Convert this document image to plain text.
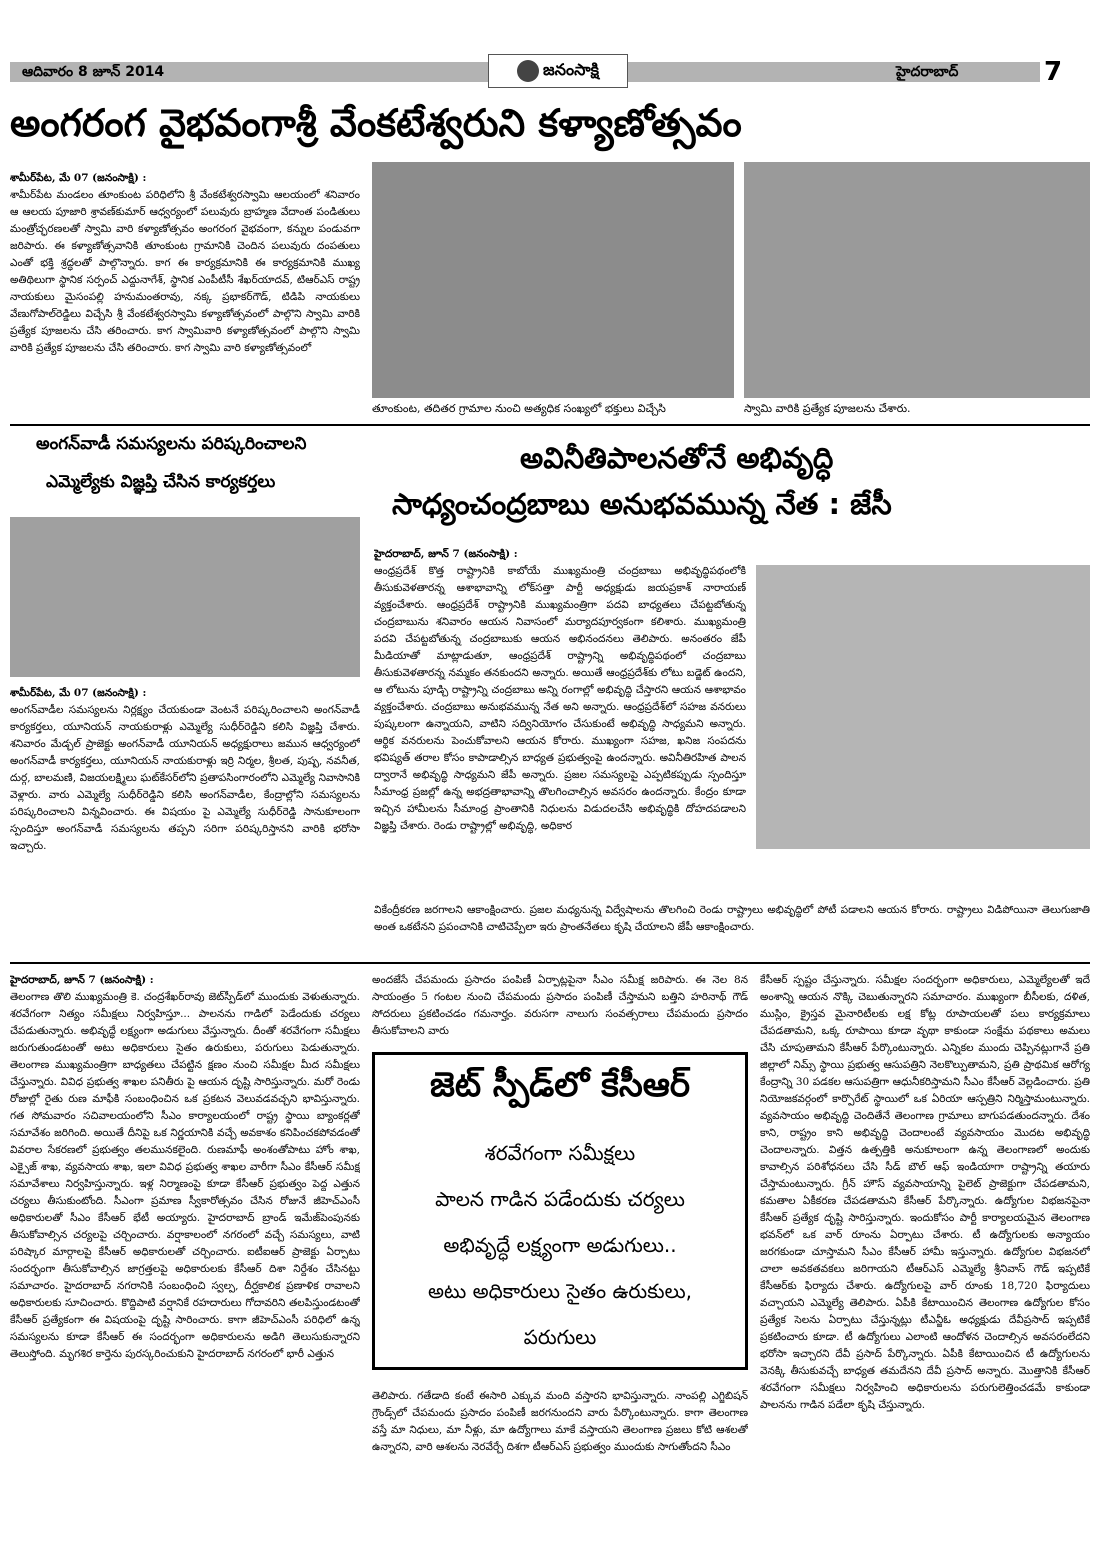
ఆదివారం 8 జూన్ 2014	జనంసాక్షి	హైదరాబాద్	7
అంగరంగ వైభవంగాశ్రీ వేంకటేశ్వరుని కళ్యాణోత్సవం

శామీర్‌పేట, మే 07 (జనంసాక్షి) :

శామీర్‌పేట మండలం తూంకుంట పరిధిలోని శ్రీ వేంకటేశ్వరస్వామి ఆలయంలో శనివారం ఆ ఆలయ పూజారి శ్రావణ్‌కుమార్ ఆధ్వర్యంలో పలువురు బ్రాహ్మణ వేదాంత పండితులు మంత్రోచ్ఛరణలతో స్వామి వారి కళ్యాణోత్సవం అంగరంగ వైభవంగా, కన్నుల పండువగా జరిపారు. ఈ కళ్యాణోత్సవానికి తూంకుంట గ్రామానికి చెందిన పలువురు దంపతులు ఎంతో భక్తి శ్రద్ధలతో పాల్గొన్నారు. కాగ ఈ కార్యక్రమానికి ఈ కార్యక్రమానికి ముఖ్య అతిథిలుగా స్థానిక సర్పంచ్ ఎద్దునాగేశ్, స్థానిక ఎంపీటీసీ శేఖర్‌యాదవ్, టిఆర్ఎస్ రాష్ట్ర నాయకులు మైసంపల్లి హనుమంతరావు, నక్క ప్రభాకర్‌గౌడ్, టిడిపి నాయకులు వేణుగోపాల్‌రెడ్డిలు విచ్చేసి శ్రీ వేంకటేశ్వరస్వామి కళ్యాణోత్సవంలో పాల్గొని స్వామి వారికి ప్రత్యేక పూజలను చేసి తరించారు. కాగ స్వామివారి కళ్యాణోత్సవంలో పాల్గొని స్వామి వారికి ప్రత్యేక పూజలను చేసి తరించారు. కాగ స్వామి వారి కళ్యాణోత్సవంలో

తూంకుంట, తదితర గ్రామాల నుంచి అత్యధిక సంఖ్యలో భక్తులు విచ్చేసి	స్వామి వారికి ప్రత్యేక పూజలను చేశారు.
అంగన్‌వాడీ సమస్యలను పరిష్కరించాలని
ఎమ్మెల్యేకు విజ్ఞప్తి చేసిన కార్యకర్తలు

శామీర్‌పేట, మే 07 (జనంసాక్షి) :

అంగన్‌వాడీల సమస్యలను నిర్లక్ష్యం చేయకుండా వెంటనే పరిష్కరించాలని అంగన్‌వాడీ కార్యకర్తలు, యూనియన్ నాయకురాళ్లు ఎమ్మెల్యే సుధీర్‌రెడ్డిని కలిసి విజ్ఞప్తి చేశారు. శనివారం మేడ్చల్ ప్రాజెక్టు అంగన్‌వాడీ యూనియన్ అధ్యక్షురాలు జమున ఆధ్వర్యంలో అంగన్‌వాడీ కార్యకర్తలు, యూనియన్ నాయకురాళ్లు ఇర్రి నిర్మల, శ్రీలత, పుష్ప, నవనీత, దుర్గ, బాలమణి, విజయలక్ష్మిలు ఘట్‌కేసర్‌లోని ప్రతాపసింగారంలోని ఎమ్మెల్యే నివాసానికి వెళ్లారు. వారు ఎమ్మెల్యే సుధీర్‌రెడ్డిని కలిసి అంగన్‌వాడీల, కేంద్రాల్లోని సమస్యలను పరిష్కరించాలని విన్నవించారు. ఈ విషయం పై ఎమ్మెల్యే సుధీర్‌రెడ్డి సానుకూలంగా స్పందిస్తూ అంగన్‌వాడీ సమస్యలను తప్పని సరిగా పరిష్కరిస్తానని వారికి భరోసా ఇచ్చారు.

అవినీతిపాలనతోనే అభివృద్ధి
సాధ్యంచంద్రబాబు అనుభవమున్న నేత : జేసీ

హైదరాబాద్, జూన్ 7 (జనంసాక్షి) :

ఆంధ్రప్రదేశ్ కొత్త రాష్ట్రానికి కాబోయే ముఖ్యమంత్రి చంద్రబాబు అభివృద్ధిపథంలోకి తీసుకువెళతారన్న ఆశాభావాన్ని లోక్‌సత్తా పార్టీ అధ్యక్షుడు జయప్రకాశ్ నారాయణ్ వ్యక్తంచేశారు. ఆంధ్రప్రదేశ్ రాష్ట్రానికి ముఖ్యమంత్రిగా పదవి బాధ్యతలు చేపట్టబోతున్న చంద్రబాబును శనివారం ఆయన నివాసంలో మర్యాదపూర్వకంగా కలిశారు. ముఖ్యమంత్రి పదవి చేపట్టబోతున్న చంద్రబాబుకు ఆయన అభినందనలు తెలిపారు. అనంతరం జేపీ మీడియాతో మాట్లాడుతూ, ఆంధ్రప్రదేశ్ రాష్ట్రాన్ని అభివృద్ధిపథంలో చంద్రబాబు తీసుకువెళతారన్న నమ్మకం తనకుందని అన్నారు. అయితే ఆంధ్రప్రదేశ్‌కు లోటు బడ్జెట్ ఉందని, ఆ లోటును పూడ్చి రాష్ట్రాన్ని చంద్రబాబు అన్ని రంగాల్లో అభివృద్ధి చేస్తారని ఆయన ఆశాభావం వ్యక్తంచేశారు. చంద్రబాబు అనుభవమున్న నేత అని అన్నారు. ఆంధ్రప్రదేశ్‌లో సహజ వనరులు పుష్కలంగా ఉన్నాయని, వాటిని సద్వినియోగం చేసుకుంటే అభివృద్ధి సాధ్యమని అన్నారు. ఆర్థిక వనరులను పెంచుకోవాలని ఆయన కోరారు. ముఖ్యంగా సహజ, ఖనిజ సంపదను భవిష్యత్ తరాల కోసం కాపాడాల్సిన బాధ్యత ప్రభుత్వంపై ఉందన్నారు. అవినీతిరహిత పాలన ద్వారానే అభివృద్ధి సాధ్యమని జేపీ అన్నారు. ప్రజల సమస్యలపై ఎప్పటికప్పుడు స్పందిస్తూ సీమాంధ్ర ప్రజల్లో ఉన్న అభద్రతాభావాన్ని తొలగించాల్సిన అవసరం ఉందన్నారు. కేంద్రం కూడా ఇచ్చిన హామీలను సీమాంధ్ర ప్రాంతానికి నిధులను విడుదలచేసి అభివృద్ధికి దోహదపడాలని విజ్ఞప్తి చేశారు. రెండు రాష్ట్రాల్లో అభివృద్ధి, అధికార

వికేంద్రీకరణ జరగాలని ఆకాంక్షించారు. ప్రజల మధ్యనున్న విద్వేషాలను తొలగించి రెండు రాష్ట్రాలు అభివృద్ధిలో పోటీ పడాలని ఆయన కోరారు. రాష్ట్రాలు విడిపోయినా తెలుగుజాతి అంత ఒకటేనని ప్రపంచానికి చాటిచెప్పేలా ఇరు ప్రాంతనేతలు కృషి చేయాలని జేపీ ఆకాంక్షించారు.

హైదరాబాద్, జూన్ 7 (జనంసాక్షి) :

తెలంగాణ తొలి ముఖ్యమంత్రి కె. చంద్రశేఖర్‌రావు జెట్‌స్పీడ్‌లో ముందుకు వెళుతున్నారు. శరవేగంగా నిత్యం సమీక్షలు నిర్వహిస్తూ... పాలనను గాడిలో పెడేందుకు చర్యలు చేపడుతున్నారు. అభివృద్ధే లక్ష్యంగా అడుగులు వేస్తున్నారు. దీంతో శరవేగంగా సమీక్షలు జరుగుతుండటంతో అటు అధికారులు సైతం ఉరుకులు, పరుగులు పెడుతున్నారు. తెలంగాణ ముఖ్యమంత్రిగా బాధ్యతలు చేపట్టిన క్షణం నుంచి సమీక్షల మీద సమీక్షలు చేస్తున్నారు. వివిధ ప్రభుత్వ శాఖల పనితీరు పై ఆయన దృష్టి సారిస్తున్నారు. మరో రెండు రోజుల్లో రైతు రుణ మాఫీకి సంబంధించిన ఒక ప్రకటన వెలువడవచ్చని భావిస్తున్నారు. గత సోమవారం సచివాలయంలోని సీఎం కార్యాలయంలో రాష్ట్ర స్థాయి బ్యాంకర్లతో సమావేశం జరిగింది. అయితే దీనిపై ఒక నిర్ణయానికి వచ్చే అవకాశం కనిపించకపోవడంతో వివరాల సేకరణలో ప్రభుత్వం తలమునకలైంది. రుణమాఫీ అంశంతోపాటు హోం శాఖ, ఎక్సైజ్ శాఖ, వ్యవసాయ శాఖ, ఇలా వివిధ ప్రభుత్వ శాఖల వారీగా సీఎం కేసీఆర్ సమీక్ష సమావేశాలు నిర్వహిస్తున్నారు. ఇళ్ల నిర్మాణంపై కూడా కేసీఆర్ ప్రభుత్వం పెద్ద ఎత్తున చర్యలు తీసుకుంటోంది. సీఎంగా ప్రమాణ స్వీకారోత్సవం చేసిన రోజునే జీహెచ్ఎంసీ అధికారులతో సీఎం కేసీఆర్ భేటీ అయ్యారు. హైదరాబాద్ బ్రాండ్ ఇమేజ్‌పెంపునకు తీసుకోవాల్సిన చర్యలపై చర్చించారు. వర్షాకాలంలో నగరంలో వచ్చే సమస్యలు, వాటి పరిష్కార మార్గాలపై కేసీఆర్ అధికారులతో చర్చించారు. ఐటీఐఆర్ ప్రాజెక్టు ఏర్పాటు సందర్భంగా తీసుకోవాల్సిన జాగ్రత్తలపై అధికారులకు కేసీఆర్ దిశా నిర్దేశం చేసినట్టు సమాచారం. హైదరాబాద్ నగరానికి సంబంధించి స్వల్ప, దీర్ఘకాలిక ప్రణాళిక రావాలని అధికారులకు సూచించారు. కొద్దిపాటి వర్షానికే రహదారులు గోదావరిని తలపిస్తుండటంతో కేసీఆర్ ప్రత్యేకంగా ఈ విషయంపై దృష్టి సారించారు. కాగా జీహెచ్ఎంసీ పరిధిలో ఉన్న సమస్యలను కూడా కేసీఆర్ ఈ సందర్భంగా అధికారులను అడిగి తెలుసుకున్నారని తెలుస్తోంది. మృగశిర కార్తెను పురస్కరించుకుని హైదరాబాద్ నగరంలో భారీ ఎత్తున

అందజేసే చేపమందు ప్రసాదం పంపిణీ ఏర్పాట్లపైనా సీఎం సమీక్ష జరిపారు. ఈ నెల 8న సాయంత్రం 5 గంటల నుంచి చేపమందు ప్రసాదం పంపిణీ చేస్తామని బత్తిని హరినాథ్ గౌడ్ సోదరులు ప్రకటించడం గమనార్హం. వరుసగా నాలుగు సంవత్సరాలు చేపమందు ప్రసాదం తీసుకోవాలని వారు
జెట్ స్పీడ్‌లో కేసీఆర్
శరవేగంగా సమీక్షలు
పాలన గాడిన పడేందుకు చర్యలు
అభివృద్ధే లక్ష్యంగా అడుగులు..
అటు అధికారులు సైతం ఉరుకులు,
పరుగులు
తెలిపారు. గతేడాది కంటే ఈసారి ఎక్కువ మంది వస్తారని భావిస్తున్నారు. నాంపల్లి ఎగ్జిబిషన్ గ్రౌండ్స్‌లో చేపమందు ప్రసాదం పంపిణీ జరగనుందని వారు పేర్కొంటున్నారు. కాగా తెలంగాణ వస్తే మా నిధులు, మా నీళ్లు, మా ఉద్యోగాలు మాకే వస్తాయని తెలంగాణ ప్రజలు కోటి ఆశలతో ఉన్నారని, వారి ఆశలను నెరవేర్చే దిశగా టీఆర్ఎస్ ప్రభుత్వం ముందుకు సాగుతోందని సీఎం
కేసీఆర్ స్పష్టం చేస్తున్నారు. సమీక్షల సందర్భంగా అధికారులు, ఎమ్మెల్యేలతో ఇదే అంశాన్ని ఆయన నొక్కి చెబుతున్నారని సమాచారం. ముఖ్యంగా బీసీలకు, దళిత, ముస్లిం, క్రైస్తవ మైనారిటీలకు లక్ష కోట్ల రూపాయలతో పలు కార్యక్రమాలు చేపడతామని, ఒక్క రూపాయి కూడా వృథా కాకుండా సంక్షేమ పథకాలు అమలు చేసి చూపుతామని కేసీఆర్ పేర్కొంటున్నారు. ఎన్నికల ముందు చెప్పినట్లుగానే ప్రతి జిల్లాలో నిమ్స్ స్థాయి ప్రభుత్వ ఆసుపత్రిని నెలకొల్పుతామని, ప్రతి ప్రాథమిక ఆరోగ్య కేంద్రాన్ని 30 పడకల ఆసుపత్రిగా ఆధునీకరిస్తామని సీఎం కేసీఆర్ వెల్లడించారు. ప్రతి నియోజకవర్గంలో కార్పొరేట్ స్థాయిలో ఒక ఏరియా ఆస్పత్రిని నిర్మిస్తామంటున్నారు. వ్యవసాయం అభివృద్ధి చెందితేనే తెలంగాణ గ్రామాలు బాగుపడతుందన్నారు. దేశం కాని, రాష్ట్రం కాని అభివృద్ధి చెందాలంటే వ్యవసాయం మొదట అభివృద్ధి చెందాలన్నారు. విత్తన ఉత్పత్తికి అనుకూలంగా ఉన్న తెలంగాణలో అందుకు కావాల్సిన పరిశోధనలు చేసి సీడ్ బౌల్ ఆఫ్ ఇండియాగా రాష్ట్రాన్ని తయారు చేస్తామంటున్నారు. గ్రీన్ హౌస్ వ్యవసాయాన్ని పైలెట్ ప్రాజెక్టుగా చేపడతామని, కమతాల ఏకీకరణ చేపడతామని కేసీఆర్ పేర్కొన్నారు. ఉద్యోగుల విభజనపైనా కేసీఆర్ ప్రత్యేక దృష్టి సారిస్తున్నారు. ఇందుకోసం పార్టీ కార్యాలయమైన తెలంగాణ భవన్‌లో ఒక వార్ రూంను ఏర్పాటు చేశారు. టీ ఉద్యోగులకు అన్యాయం జరగకుండా చూస్తామని సీఎం కేసీఆర్ హామీ ఇస్తున్నారు. ఉద్యోగుల విభజనలో చాలా అవకతవకలు జరిగాయని టీఆర్ఎస్ ఎమ్మెల్యే శ్రీనివాస్ గౌడ్ ఇప్పటికే కేసీఆర్‌కు ఫిర్యాదు చేశారు. ఉద్యోగులపై వార్ రూంకు 18,720 ఫిర్యాదులు వచ్చాయని ఎమ్మెల్యే తెలిపారు. ఏపీకి కేటాయించిన తెలంగాణ ఉద్యోగుల కోసం ప్రత్యేక సెలను ఏర్పాటు చేస్తున్నట్లు టీఎన్జీఓ అధ్యక్షుడు దేవీప్రసాద్ ఇప్పటికే ప్రకటించారు కూడా. టీ ఉద్యోగులు ఎలాంటి ఆందోళన చెందాల్సిన అవసరంలేదని భరోసా ఇచ్చారని దేవీ ప్రసాద్ పేర్కొన్నారు. ఏపీకి కేటాయించిన టీ ఉద్యోగులను వెనక్కి తీసుకువచ్చే బాధ్యత తమదేనని దేవీ ప్రసాద్ అన్నారు. మొత్తానికి కేసీఆర్ శరవేగంగా సమీక్షలు నిర్వహించి అధికారులను పరుగులెత్తించడమే కాకుండా పాలనను గాడిన పడేలా కృషి చేస్తున్నారు.
